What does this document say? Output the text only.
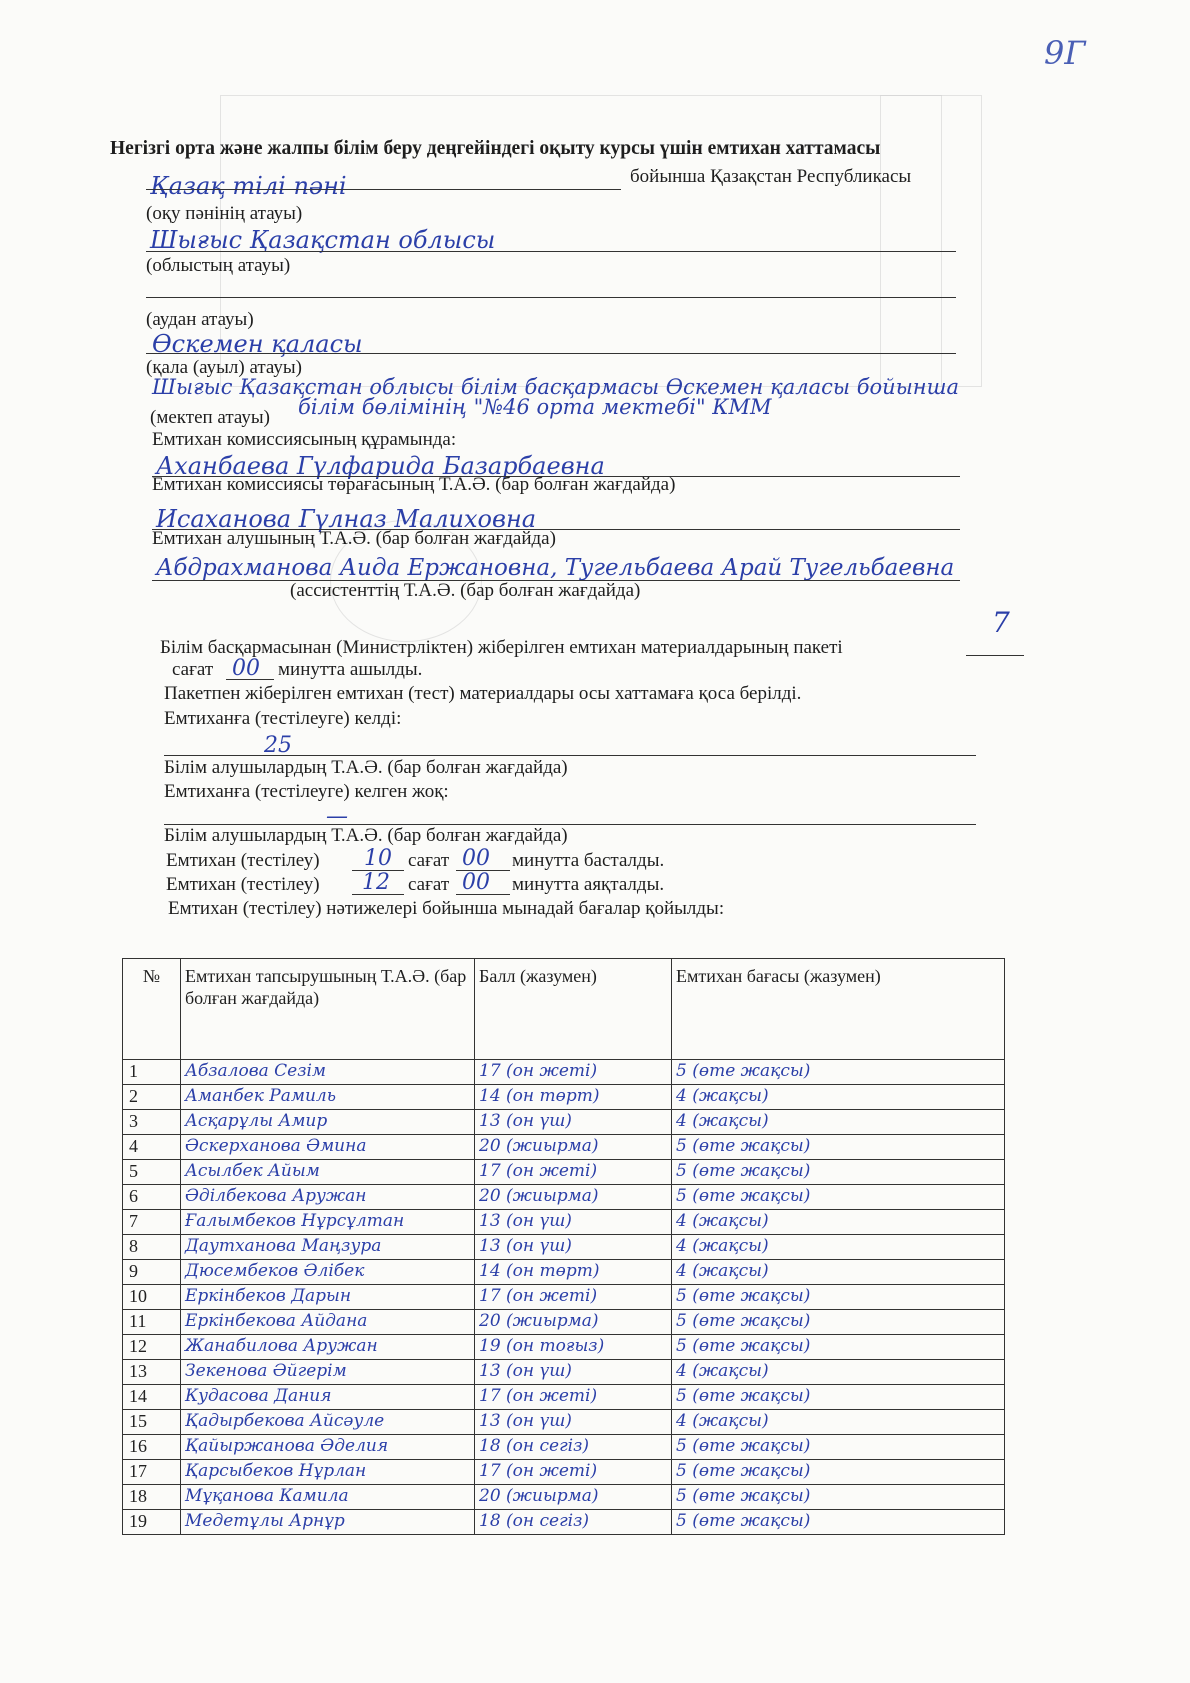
9Г
Негізгі орта және жалпы білім беру деңгейіндегі оқыту курсы үшін емтихан хаттамасы
Қазақ тілі пәні	бойынша Қазақстан Республикасы
(оқу пәнінің атауы)
Шығыс Қазақстан облысы
(облыстың атауы)
(аудан атауы)
Өскемен қаласы
(қала (ауыл) атауы)
Шығыс Қазақстан облысы білім басқармасы Өскемен қаласы бойынша
(мектеп атауы) білім бөлімінің "№46 орта мектебі" КММ
Емтихан комиссиясының құрамында:
Аханбаева Гүлфарида Базарбаевна
Емтихан комиссиясы төрағасының Т.А.Ә. (бар болған жағдайда)
Исаханова Гүлназ Малиховна
Емтихан алушының Т.А.Ә. (бар болған жағдайда)
Абдрахманова Аида Ержановна, Тугельбаева Арай Тугельбаевна
(ассистенттің Т.А.Ә. (бар болған жағдайда)
Білім басқармасынан (Министрліктен) жіберілген емтихан материалдарының пакеті
7
сағат 00 минутта ашылды.
Пакетпен жіберілген емтихан (тест) материалдары осы хаттамаға қоса берілді.
Емтиханға (тестілеуге) келді:
25
Білім алушылардың Т.А.Ә. (бар болған жағдайда)
Емтиханға (тестілеуге) келген жоқ:
—
Білім алушылардың Т.А.Ә. (бар болған жағдайда)
Емтихан (тестілеу) 10 сағат 00 минутта басталды.
Емтихан (тестілеу) 12 сағат 00 минутта аяқталды.
Емтихан (тестілеу) нәтижелері бойынша мынадай бағалар қойылды:
№	Емтихан тапсырушының Т.А.Ә. (бар болған жағдайда)	Балл (жазумен)	Емтихан бағасы (жазумен)
1	Абзалова Сезім	17 (он жеті)	5 (өте жақсы)
2	Аманбек Рамиль	14 (он төрт)	4 (жақсы)
3	Асқарұлы Амир	13 (он үш)	4 (жақсы)
4	Әскерханова Әмина	20 (жиырма)	5 (өте жақсы)
5	Асылбек Айым	17 (он жеті)	5 (өте жақсы)
6	Әділбекова Аружан	20 (жиырма)	5 (өте жақсы)
7	Ғалымбеков Нұрсұлтан	13 (он үш)	4 (жақсы)
8	Даутханова Маңзура	13 (он үш)	4 (жақсы)
9	Дюсембеков Әлібек	14 (он төрт)	4 (жақсы)
10	Еркінбеков Дарын	17 (он жеті)	5 (өте жақсы)
11	Еркінбекова Айдана	20 (жиырма)	5 (өте жақсы)
12	Жанабилова Аружан	19 (он тоғыз)	5 (өте жақсы)
13	Зекенова Әйгерім	13 (он үш)	4 (жақсы)
14	Кудасова Дания	17 (он жеті)	5 (өте жақсы)
15	Қадырбекова Айсәуле	13 (он үш)	4 (жақсы)
16	Қайыржанова Әделия	18 (он сегіз)	5 (өте жақсы)
17	Қарсыбеков Нұрлан	17 (он жеті)	5 (өте жақсы)
18	Мұқанова Камила	20 (жиырма)	5 (өте жақсы)
19	Медетұлы Арнұр	18 (он сегіз)	5 (өте жақсы)
